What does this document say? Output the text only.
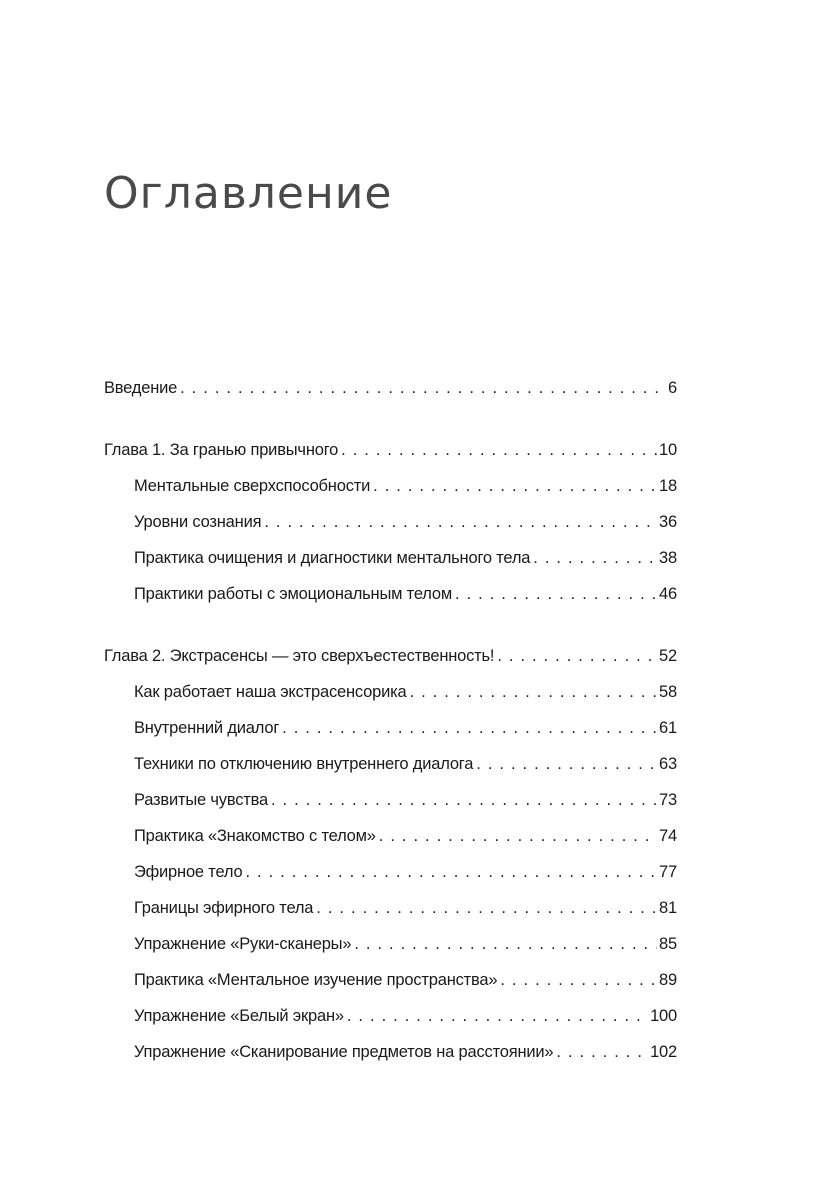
Оглавление
Введение . . .	6
Глава 1. За гранью привычного . . .	10
Ментальные сверхспособности . . .	18
Уровни сознания . . .	36
Практика очищения и диагностики ментального тела . . .	38
Практики работы с эмоциональным телом . . .	46
Глава 2. Экстрасенсы — это сверхъестественность! . . .	52
Как работает наша экстрасенсорика . . .	58
Внутренний диалог . . .	61
Техники по отключению внутреннего диалога . . .	63
Развитые чувства . . .	73
Практика «Знакомство с телом» . . .	74
Эфирное тело . . .	77
Границы эфирного тела . . .	81
Упражнение «Руки-сканеры» . . .	85
Практика «Ментальное изучение пространства» . . .	89
Упражнение «Белый экран» . . .	100
Упражнение «Сканирование предметов на расстоянии» . . .	102
